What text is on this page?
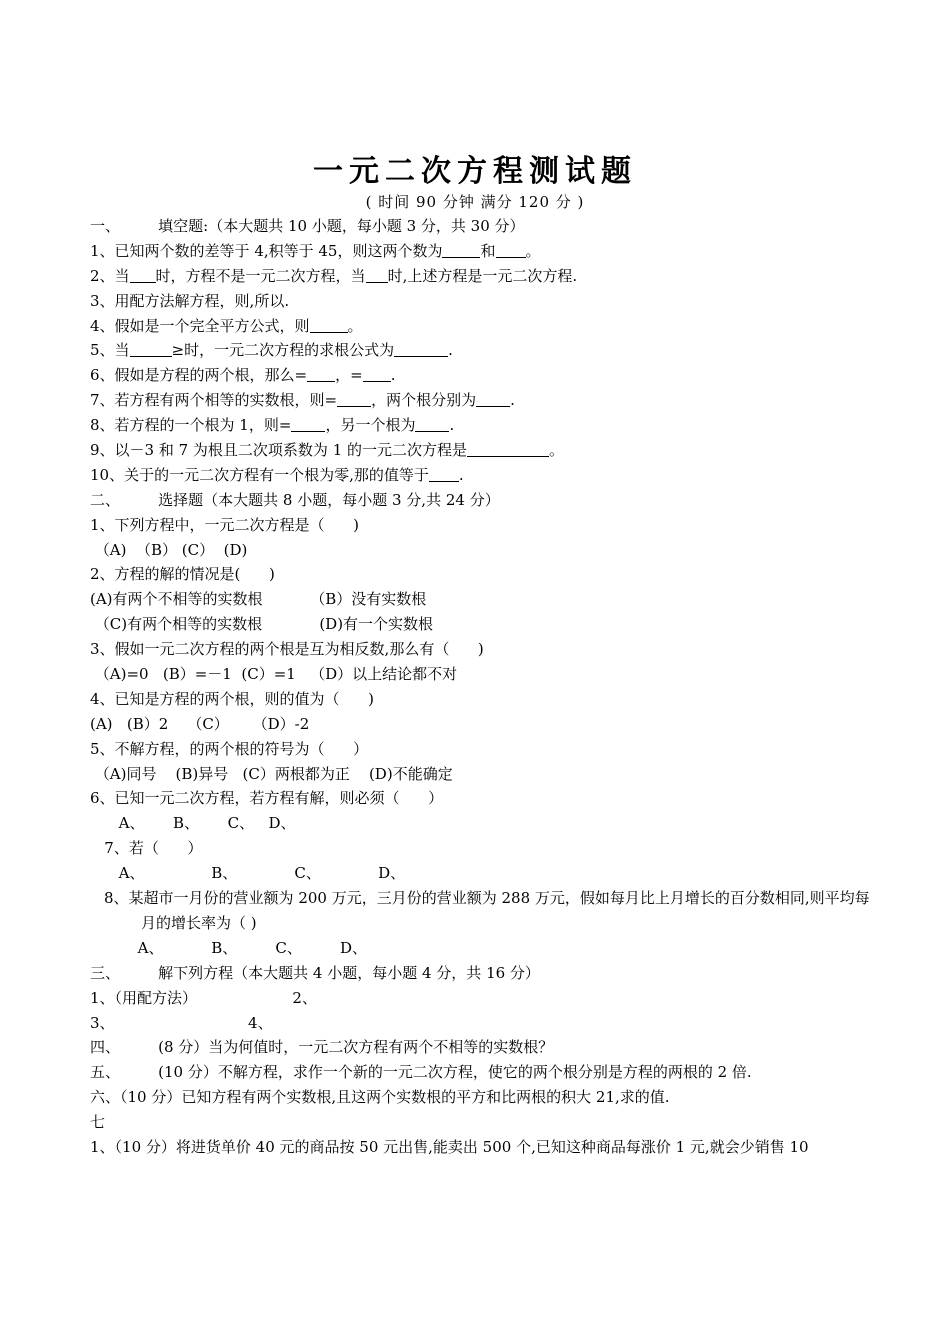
一元二次方程测试题
( 时间 90 分钟 满分 120 分 )
一、        填空题:（本大题共 10 小题，每小题 3 分，共 30 分）
1、已知两个数的差等于 4,积等于 45，则这两个数为	和 。
2、当 时，方程不是一元二次方程，当 时,上述方程是一元二次方程.
3、用配方法解方程，则,所以.
4、假如是一个完全平方公式，则	。
5、当	≥时，一元二次方程的求根公式为	.
6、假如是方程的两个根，那么= ，= .
7、若方程有两个相等的实数根，则= ，两个根分别为 .
8、若方程的一个根为 1，则= ，另一个根为 .
9、以－3 和 7 为根且二次项系数为 1 的一元二次方程是	。
10、关于的一元二次方程有一个根为零,那的值等于 .
二、        选择题（本大题共 8 小题，每小题 3 分,共 24 分）
1、下列方程中，一元二次方程是（      )
（A)  （B） (C）  (D)
2、方程的解的情况是(      )
(A)有两个不相等的实数根          （B）没有实数根
（C)有两个相等的实数根            (D)有一个实数根
3、假如一元二次方程的两个根是互为相反数,那么有（      )
（A)=0   (B）=－1  (C）=1   （D）以上结论都不对
4、已知是方程的两个根，则的值为（      )
(A)   (B）2    （C）     （D）-2
5、不解方程，的两个根的符号为（      ）
（A)同号    (B)异号   (C）两根都为正    (D)不能确定
6、已知一元二次方程，若方程有解，则必须（      ）
A、      B、      C、   D、
7、若（      ）
A、              B、            C、            D、
8、某超市一月份的营业额为 200 万元，三月份的营业额为 288 万元，假如每月比上月增长的百分数相同,则平均每月的增长率为（ )
A、          B、        C、        D、
三、        解下列方程（本大题共 4 小题，每小题 4 分，共 16 分）
1、（用配方法）                    2、
3、                            4、
四、        (8 分）当为何值时，一元二次方程有两个不相等的实数根？
五、        (10 分）不解方程，求作一个新的一元二次方程，使它的两个根分别是方程的两根的 2 倍.
六、（10 分）已知方程有两个实数根,且这两个实数根的平方和比两根的积大 21,求的值.
七
1、（10 分）将进货单价 40 元的商品按 50 元出售,能卖出 500 个,已知这种商品每涨价 1 元,就会少销售 10
